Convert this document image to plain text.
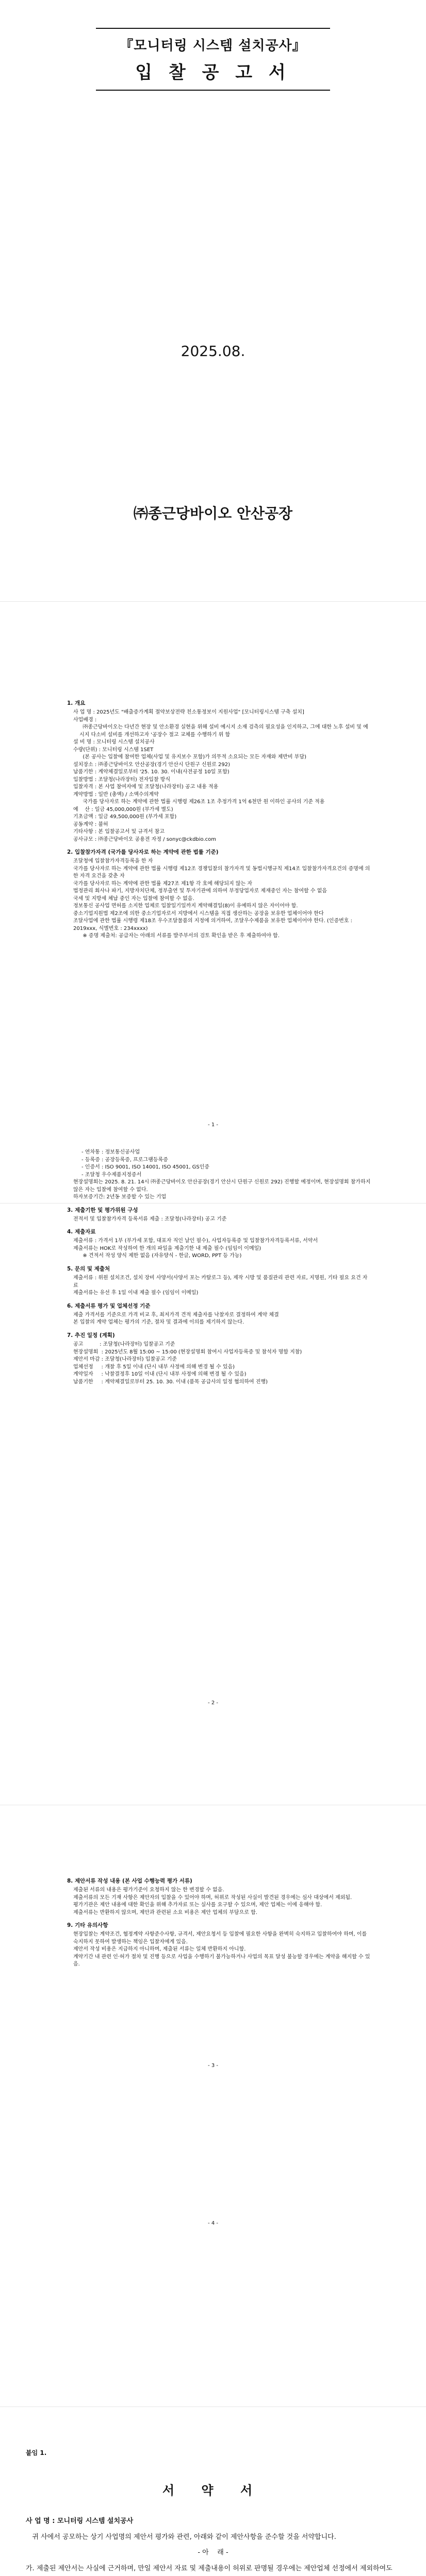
『모니터링 시스템 설치공사』
입 찰 공 고 서
2025.08.
㈜종근당바이오 안산공장
1. 개요

사 업 명 : 2025년도 "배출증가계획 절약보상전략 친소통정보이 지원사업" [모니터링시스템 구축 설치]

사업배경 :

㈜종근당바이오는 다년간 현장 및 안소환경 실현을 위해 설비 예시지 소재 검측의 필요성을 인지하고, 그에 대한 노후 설비 및 예시지 다소비 설비를 개선하고자 '공장수 절고 교체를 수행하기 위 함

설 비 명 : 모니터링 시스템 설치공사

수량(단위) : 모니터링 시스템 1SET

(본 공사는 입찰에 참여한 업체(사업 및 유지보수 포함)가 의무적 소요되는 모든 자재와 제반비 부담)

설치장소 : ㈜종근당바이오 안산공장(경기 안산시 단원구 신원로 292)

납품기한 : 계약체결일로부터 '25. 10. 30. 이내(사전공정 10일 포함)

입찰방법 : 조달청(나라장터) 전자입찰 방식

입찰자격 : 본 사업 참여자에 및 조달청(나라장터) 공고 내용 적용

계약방법 : 일반 (총액) / 소액수의계약

국가를 당사자로 하는 계약에 관한 법률 시행령 제26조 1조 추정가격 1억 6천만 원 이하인 공사의 기준 적용

예    산 : 일금 45,000,000원 (부가세 별도)

기초금액 : 일금 49,500,000원 (부가세 포함)

공동계약 : 불허

기타사항 : 본 입찰공고서 및 규격서 참고

공사규모 : ㈜종근당바이오 공용전 자정 / sonyc@ckdbio.com

2. 입찰참가자격 (국가를 당사자로 하는 계약에 관한 법률 기준)

조달청에 입찰참가자격등록을 한 자

국가를 당사자로 하는 계약에 관한 법률 시행령 제12조 경쟁입찰의 참가자격 및 동법시행규칙 제14조 입찰참가자격요건의 증명에 의한 자격 요건을 갖춘 자

국가를 당사자로 하는 계약에 관한 법률 제27조 제1항 각 호에 해당되지 않는 자

법정관리 회사나 파기, 지방자치단체, 정부출연 및 투자기관에 의하여 부정당업자로 제재중인 자는 참여할 수 없음

국세 및 지방세 체납 중인 자는 입찰에 참여할 수 없음.

정보통신 공사업 면허를 소지한 업체로 입찰일기일까지 계약해결일(8)이 유예하지 않은 자이어야 함.

중소기업지원법 제2조에 의한 중소기업자로서 지방에서 시스템을 직접 생산하는 공장을 보유한 업체이어야 한다

조달사업에 관한 법률 시행령 제18조 우수조달물품의 지정에 의거하여, 조달우수제품을 보유한 업체이어야 한다. (인증번호 : 2019xxx, 식별번호 : 234xxxx)

※ 증명 제출처: 공급자는 아래의 서류를 발주부서의 검토 확인을 받은 후 제출하여야 함.

- 1 -

- 연차통 : 정보통신공사업

- 등록증 : 공장등록증, 프로그램등록증

- 인증서 : ISO 9001, ISO 14001, ISO 45001, GS인증

- 조달청 우수제품지정증서

현장설명회는 2025. 8. 21. 14시 ㈜종근당바이오 안산공장(경기 안산시 단원구 신원로 292) 진행할 예정이며, 현장설명회 참가하지 않은 자는 입찰에 참여할 수 없다.

하자보증기간: 2년동 보증할 수 있는 기업

3. 제출기한 및 평가위원 구성

전적서 및 입찰참가자격 등록서류 제출 : 조달청(나라장터) 공고 기준

4. 제출자료

제출서류 : 가격서 1부 (부가세 포함, 대표자 직인 날인 필수), 사업자등록증 및 입찰참가자격등록서류, 서약서

제출서류는 HOK로 작성하여 한 개의 파일을 제출기한 내 제출 필수 (임임이 이메일)

※ 견적서 작성 양식 제한 없음 (자유양식 - 한글, WORD, PPT 등 가능)

5. 문의 및 제출처

제출서류 : 위원 설치조건, 설치 장비 사양서(사양서 포는 카탈로그 등), 제작 시방 및 품질관리 관련 자료, 지명원, 기타 필요 요건 자료

제출서류는 유선 후 1일 이내 제출 필수 (임임이 이메일)

6. 제출서류 평가 및 업체선정 기준

제출 가격서를 기준으로 가격 비교 후, 최저가격 견적 제출자를 낙찰자로 결정하여 계약 체결

본 입찰의 계약 업체는 평가의 기준, 절차 및 결과에 이의를 제기하지 않는다.

7. 추진 일정 (계획)

공고          : 조달청(나라장터) 입찰공고 기준

현장설명회  : 2025년도 8월 15:00 ~ 15:00 (현장설명회 참여시 사업자등록증 및 참석자 명함 지참)

제안서 마감 : 조달청(나라장터) 입찰공고 기준

업체선정     : 개찰 후 5일 이내 (단시 내부 사정에 의해 변경 될 수 있음)

계약일자     : 낙찰결정후 10일 이내 (단시 내부 사정에 의해 변경 될 수 있음)

납품기한     : 계약체결일로부터 25. 10. 30. 이내 (품목 공급사의 일정 협의하여 진행)

- 2 -
8. 제안서류 작성 내용 (본 사업 수행능력 평가 서류)

제출된 서류의 내용은 평가기준이 요청하지 않는 한 변경할 수 없음.

제출서류의 모든 기재 사항은 제안자의 입찰을 수 있어야 하며, 허위로 작성된 사실이 발견된 경우에는 심사 대상에서 제외됨.

평가기관은 제안 내용에 대한 확인을 위해 추가자료 또는 실사를 요구할 수 있으며, 제안 업체는 이에 응해야 함.

제출서류는 반환하지 않으며, 제안과 관련된 소요 비용은 제안 업체의 부담으로 함.

9. 기타 유의사항

현장입찰는 계약조건, 협정계약 사항준수사항, 규격서, 제안요청서 등 입찰에 필요한 사항을 완벽히 숙지하고 입찰하여야 하며, 이를 숙지하지 못하여 발생하는 책임은 입찰자에게 있음.

제안서 작성 비용은 지급하지 아니하며, 제출된 서류는 일체 반환하지 아니함.

계약기간 내 관련 인·허가 절차 및 진행 등으로 사업을 수행하기 불가능하거나 사업의 목표 달성 불능할 경우에는 계약을 해지할 수 있음.

- 3 -
- 4 -
붙임 1.
서 약 서

사 업 명 : 모니터링 시스템 설치공사

귀 사에서 공모하는 상기 사업명의 제안서 평가와 관련, 아래와 같이 제안사항을 준수할 것을 서약합니다.

- 아    래 -

가. 제출된 제안서는 사실에 근거하며, 만일 제안서 자료 및 제출내용이 허위로 판명될 경우에는 제안업체 선정에서 제외하여도
